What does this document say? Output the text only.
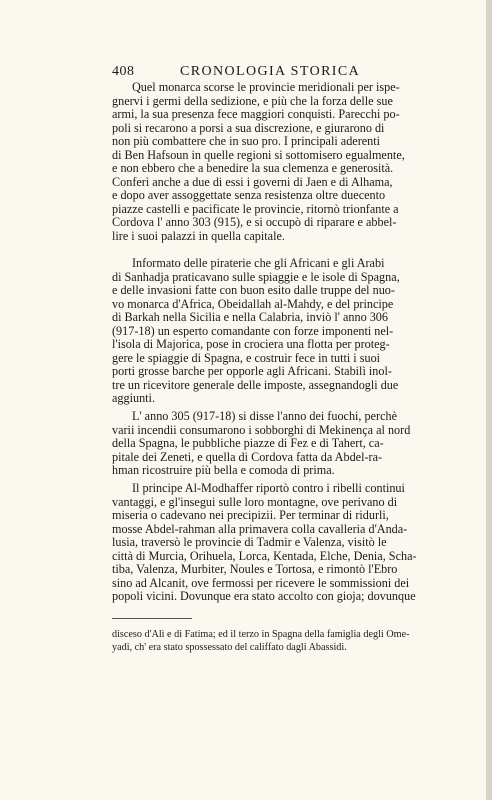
408	CRONOLOGIA STORICA
Quel monarca scorse le provincie meridionali per ispe-
gnervi i germi della sedizione, e più che la forza delle sue
armi, la sua presenza fece maggiori conquisti. Parecchi po-
poli si recarono a porsi a sua discrezione, e giurarono di
non più combattere che in suo pro. I principali aderenti
di Ben Hafsoun in quelle regioni si sottomisero egualmente,
e non ebbero che a benedire la sua clemenza e generosità.
Conferì anche a due di essi i governi di Jaen e di Alhama,
e dopo aver assoggettate senza resistenza oltre duecento
piazze castelli e pacificate le provincie, ritornò trionfante a
Cordova l' anno 303 (915), e si occupò di riparare e abbel-
lire i suoi palazzi in quella capitale.
Informato delle piraterie che gli Africani e gli Arabi
di Sanhadja praticavano sulle spiaggie e le isole di Spagna,
e delle invasioni fatte con buon esito dalle truppe del nuo-
vo monarca d'Africa, Obeidallah al-Mahdy, e del principe
di Barkah nella Sicilia e nella Calabria, inviò l' anno 306
(917-18) un esperto comandante con forze imponenti nel-
l'isola di Majorica, pose in crociera una flotta per proteg-
gere le spiaggie di Spagna, e costruir fece in tutti i suoi
porti grosse barche per opporle agli Africani. Stabilì inol-
tre un ricevitore generale delle imposte, assegnandogli due
aggiunti.
L' anno 305 (917-18) si disse l'anno dei fuochi, perchè
varii incendii consumarono i sobborghi di Mekinença al nord
della Spagna, le pubbliche piazze di Fez e di Tahert, ca-
pitale dei Zeneti, e quella di Cordova fatta da Abdel-ra-
hman ricostruire più bella e comoda di prima.
Il principe Al-Modhaffer riportò contro i ribelli continui
vantaggi, e gl'insegui sulle loro montagne, ove perivano di
miseria o cadevano nei precipizii. Per terminar di ridurli,
mosse Abdel-rahman alla primavera colla cavalleria d'Anda-
lusia, traversò le provincie di Tadmir e Valenza, visitò le
città di Murcia, Orihuela, Lorca, Kentada, Elche, Denia, Scha-
tiba, Valenza, Murbiter, Noules e Tortosa, e rimontò l'Ebro
sino ad Alcanit, ove fermossi per ricevere le sommissioni dei
popoli vicini. Dovunque era stato accolto con gioja; dovunque
disceso d'Alì e di Fatima; ed il terzo in Spagna della famiglia degli Ome-
yadi, ch' era stato spossessato del califfato dagli Abassidi.
